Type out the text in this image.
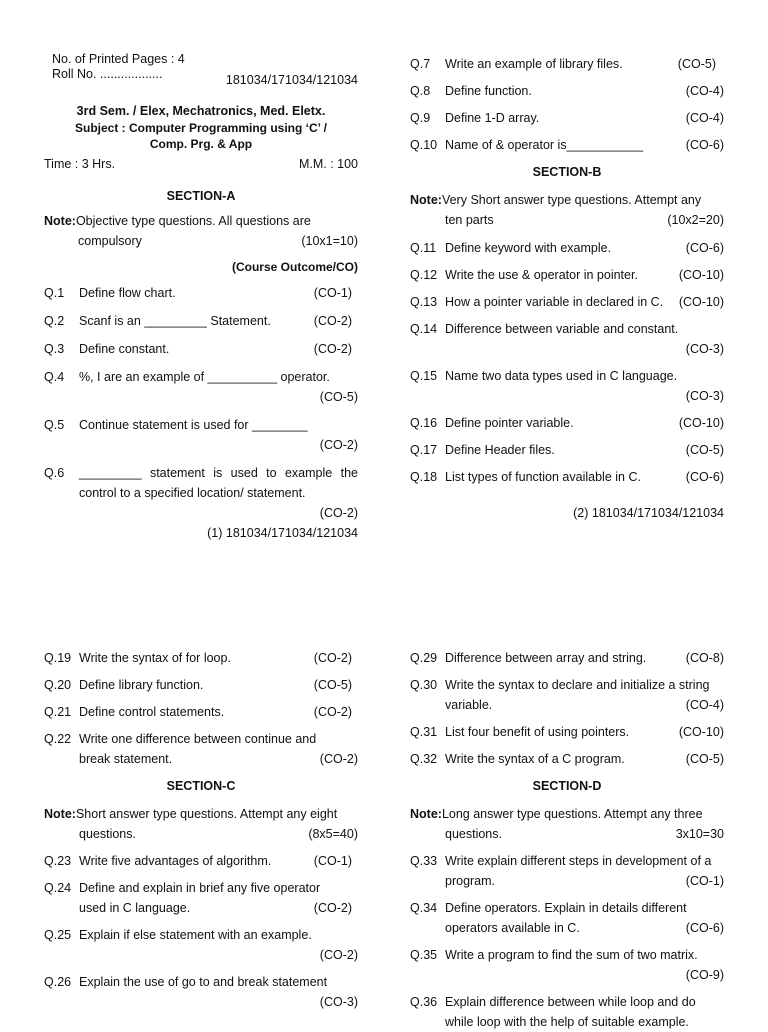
No. of Printed Pages : 4
Roll No. ..................	181034/171034/121034
3rd Sem. / Elex, Mechatronics, Med. Eletx.
Subject : Computer Programming using ‘C’ /
Comp. Prg. & App
Time : 3 Hrs.	M.M. : 100
SECTION-A
Note:Objective type questions. All questions are
compulsory	(10x1=10)
(Course Outcome/CO)
Q.1	Define flow chart.	(CO-1)
Q.2	Scanf is an _________ Statement.	(CO-2)
Q.3	Define constant.	(CO-2)
Q.4	%, I are an example of __________ operator.
(CO-5)
Q.5	Continue statement is used for ________
(CO-2)
Q.6	_________ statement is used to example the control to a specified location/ statement.
(CO-2)
(1) 181034/171034/121034
Q.7	Write an example of library files.	(CO-5)
Q.8	Define function.	(CO-4)
Q.9	Define 1-D array.	(CO-4)
Q.10 Name of & operator is___________	(CO-6)
SECTION-B
Note:Very Short answer type questions. Attempt any
ten parts	(10x2=20)
Q.11 Define keyword with example.	(CO-6)
Q.12 Write the use & operator in pointer.	(CO-10)
Q.13 How a pointer variable in declared in C. (CO-10)
Q.14 Difference between variable and constant.
(CO-3)
Q.15 Name two data types used in C language.
(CO-3)
Q.16 Define pointer variable.	(CO-10)
Q.17 Define Header files.	(CO-5)
Q.18 List types of function available in C.	(CO-6)
(2) 181034/171034/121034
Q.19 Write the syntax of for loop.	(CO-2)
Q.20 Define library function.	(CO-5)
Q.21 Define control statements.	(CO-2)
Q.22 Write one difference between continue and
break statement.	(CO-2)
SECTION-C
Note:Short answer type questions. Attempt any eight
questions.	(8x5=40)
Q.23 Write five advantages of algorithm.	(CO-1)
Q.24 Define and explain in brief any five operator
used in C language.	(CO-2)
Q.25 Explain if else statement with an example.
(CO-2)
Q.26 Explain the use of go to and break statement
(CO-3)
Q.29 Difference between array and string.	(CO-8)
Q.30 Write the syntax to declare and initialize a string
variable.	(CO-4)
Q.31 List four benefit of using pointers.	(CO-10)
Q.32 Write the syntax of a C program.	(CO-5)
SECTION-D
Note:Long answer type questions. Attempt any three
questions.	3x10=30
Q.33 Write explain different steps in development of a
program.	(CO-1)
Q.34 Define operators. Explain in details different
operators available in C.	(CO-6)
Q.35 Write a program to find the sum of two matrix.
(CO-9)
Q.36 Explain difference between while loop and do
while loop with the help of suitable example.
